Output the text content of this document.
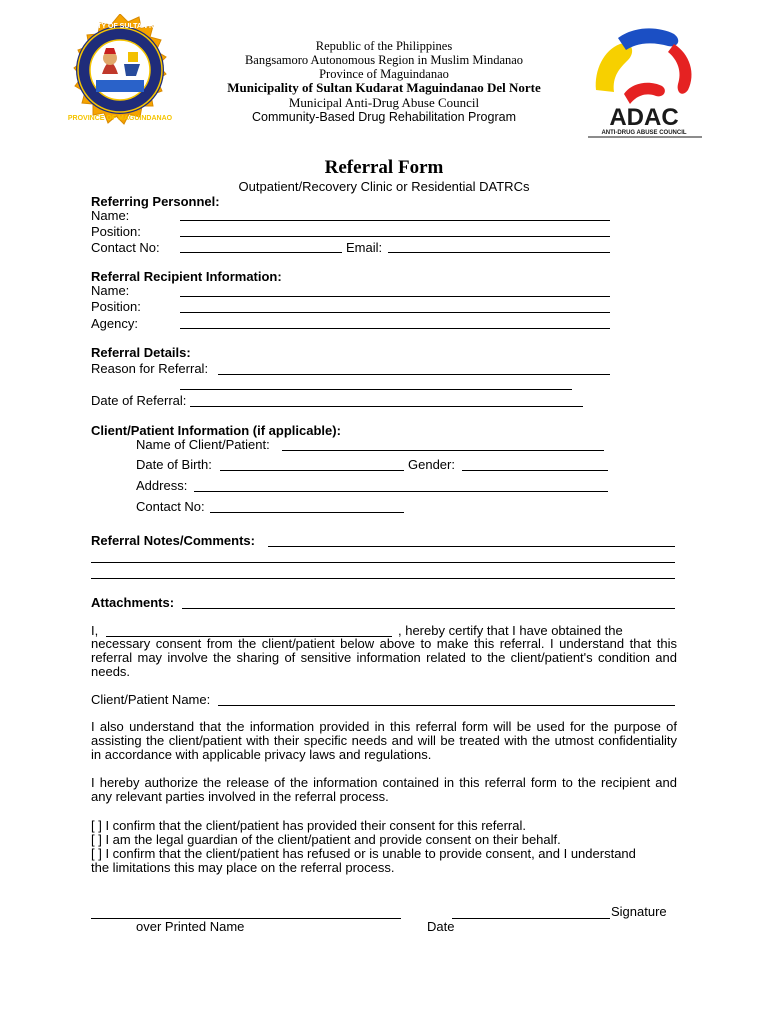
PROVINCE OF MAGUINDANAO
MUNICIPALITY OF SULTAN KUDARAT
1947
ADAC
ANTI-DRUG ABUSE COUNCIL
Republic of the Philippines
Bangsamoro Autonomous Region in Muslim Mindanao
Province of Maguindanao
Municipality of Sultan Kudarat Maguindanao Del Norte
Municipal Anti-Drug Abuse Council
Community-Based Drug Rehabilitation Program
Referral Form
Outpatient/Recovery Clinic or Residential DATRCs
Referring Personnel:
Name:
Position:
Contact No:	Email:
Referral Recipient Information:
Name:
Position:
Agency:
Referral Details:
Reason for Referral:
Date of Referral:
Client/Patient Information (if applicable):
Name of Client/Patient:
Date of Birth:	Gender:
Address:
Contact No:
Referral Notes/Comments:
Attachments:
I,	, hereby certify that I have obtained the
necessary consent from the client/patient below above to make this referral. I understand that this referral may involve the sharing of sensitive information related to the client/patient's condition and needs.
Client/Patient Name:
I also understand that the information provided in this referral form will be used for the purpose of assisting the client/patient with their specific needs and will be treated with the utmost confidentiality in accordance with applicable privacy laws and regulations.
I hereby authorize the release of the information contained in this referral form to the recipient and any relevant parties involved in the referral process.
[ ] I confirm that the client/patient has provided their consent for this referral.
[ ] I am the legal guardian of the client/patient and provide consent on their behalf.
[ ] I confirm that the client/patient has refused or is unable to provide consent, and I understand
the limitations this may place on the referral process.
Signature
over Printed Name	Date
